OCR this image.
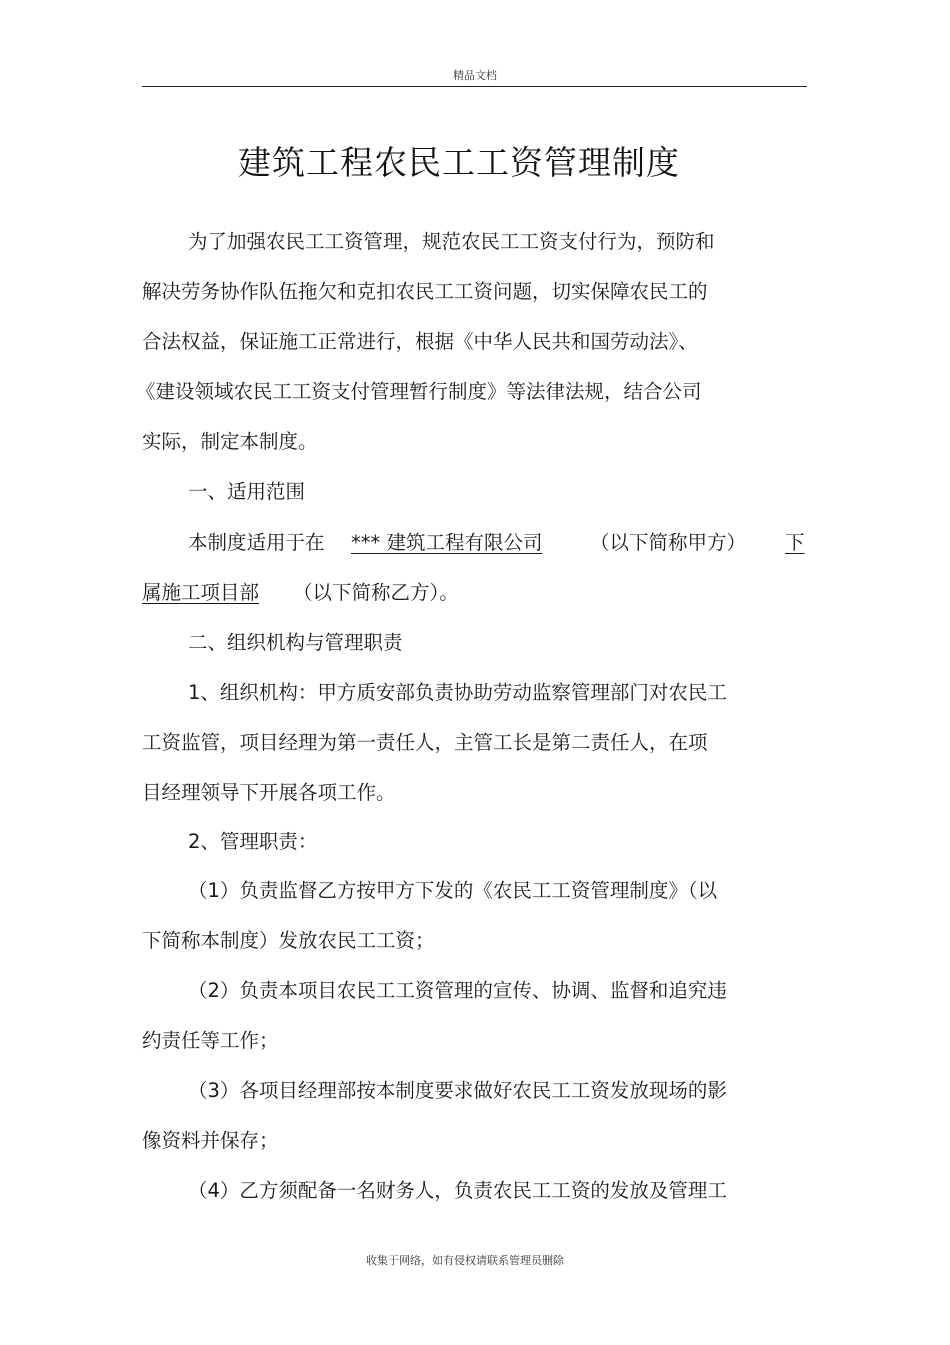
精品文档
建筑工程农民工工资管理制度
为了加强农民工工资管理，规范农民工工资支付行为，预防和
解决劳务协作队伍拖欠和克扣农民工工资问题，切实保障农民工的
合法权益，保证施工正常进行，根据《中华人民共和国劳动法》、
《建设领域农民工工资支付管理暂行制度》等法律法规，结合公司
实际，制定本制度。
一、适用范围
本制度适用于在 *** 建筑工程有限公司 （以下简称甲方） 下
属施工项目部 （以下简称乙方）。
二、组织机构与管理职责
1、组织机构：甲方质安部负责协助劳动监察管理部门对农民工
工资监管，项目经理为第一责任人，主管工长是第二责任人，在项
目经理领导下开展各项工作。
2、管理职责：
（1）负责监督乙方按甲方下发的《农民工工资管理制度》（以
下简称本制度）发放农民工工资；
（2）负责本项目农民工工资管理的宣传、协调、监督和追究违
约责任等工作；
（3）各项目经理部按本制度要求做好农民工工资发放现场的影
像资料并保存；
（4）乙方须配备一名财务人，负责农民工工资的发放及管理工
收集于网络，如有侵权请联系管理员删除
